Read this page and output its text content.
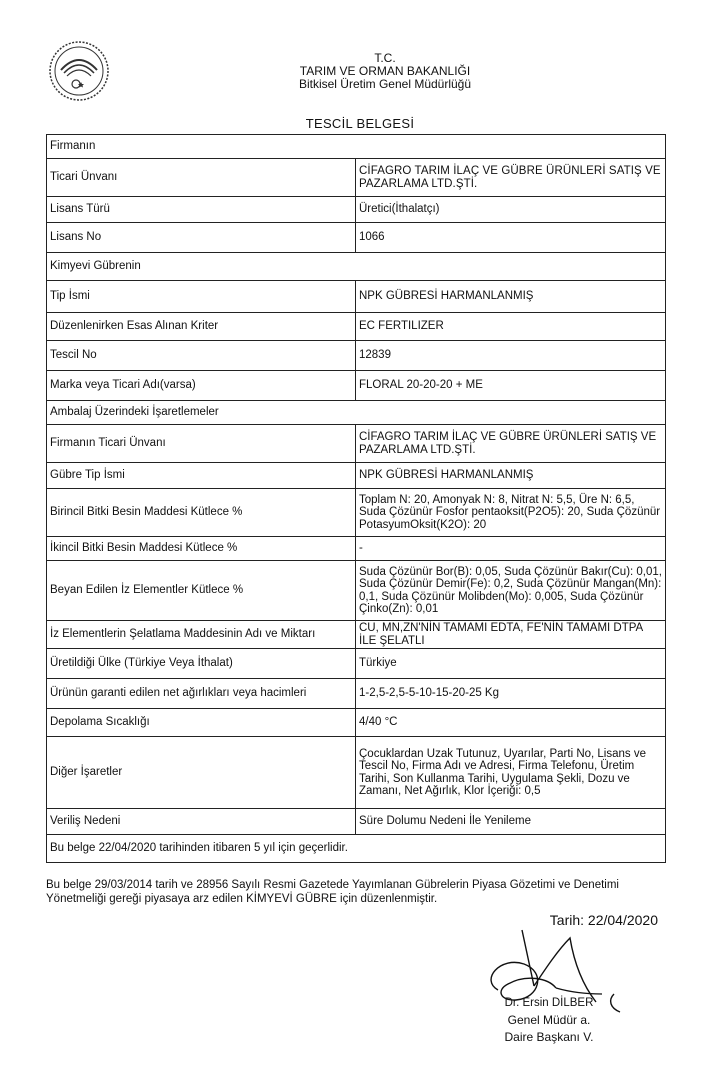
T.C.
TARIM VE ORMAN BAKANLIĞI
Bitkisel Üretim Genel Müdürlüğü
TESCİL BELGESİ
Firmanın	
Ticari Ünvanı	CİFAGRO TARIM İLAÇ VE GÜBRE ÜRÜNLERİ SATIŞ VE PAZARLAMA LTD.ŞTİ.
Lisans Türü	Üretici(İthalatçı)
Lisans No	1066
Kimyevi Gübrenin	
Tip İsmi	NPK GÜBRESİ HARMANLANMIŞ
Düzenlenirken Esas Alınan Kriter	EC FERTILIZER
Tescil No	12839
Marka veya Ticari Adı(varsa)	FLORAL 20-20-20 + ME
Ambalaj Üzerindeki İşaretlemeler	
Firmanın Ticari Ünvanı	CİFAGRO TARIM İLAÇ VE GÜBRE ÜRÜNLERİ SATIŞ VE PAZARLAMA LTD.ŞTİ.
Gübre Tip İsmi	NPK GÜBRESİ HARMANLANMIŞ
Birincil Bitki Besin Maddesi Kütlece %	Toplam N: 20, Amonyak N: 8, Nitrat N: 5,5, Üre N: 6,5, Suda Çözünür Fosfor pentaoksit(P2O5): 20, Suda Çözünür PotasyumOksit(K2O): 20
İkincil Bitki Besin Maddesi Kütlece %	-
Beyan Edilen İz Elementler Kütlece %	Suda Çözünür Bor(B): 0,05, Suda Çözünür Bakır(Cu): 0,01, Suda Çözünür Demir(Fe): 0,2, Suda Çözünür Mangan(Mn): 0,1, Suda Çözünür Molibden(Mo): 0,005, Suda Çözünür Çinko(Zn): 0,01
İz Elementlerin Şelatlama Maddesinin Adı ve Miktarı	CU, MN,ZN'NİN TAMAMI EDTA, FE'NİN TAMAMI DTPA İLE ŞELATLI
Üretildiği Ülke (Türkiye Veya İthalat)	Türkiye
Ürünün garanti edilen net ağırlıkları veya hacimleri	1-2,5-2,5-5-10-15-20-25 Kg
Depolama Sıcaklığı	4/40 °C
Diğer İşaretler	Çocuklardan Uzak Tutunuz, Uyarılar, Parti No, Lisans ve Tescil No, Firma Adı ve Adresi, Firma Telefonu, Üretim Tarihi, Son Kullanma Tarihi, Uygulama Şekli, Dozu ve Zamanı, Net Ağırlık, Klor İçeriği: 0,5
Veriliş Nedeni	Süre Dolumu Nedeni İle Yenileme
Bu belge 22/04/2020 tarihinden itibaren 5 yıl için geçerlidir.	
Bu belge 29/03/2014 tarih ve 28956 Sayılı Resmi Gazetede Yayımlanan Gübrelerin Piyasa Gözetimi ve Denetimi Yönetmeliği gereği piyasaya arz edilen KİMYEVİ GÜBRE için düzenlenmiştir.
Tarih: 22/04/2020
Dr. Ersin DİLBER
Genel Müdür a.
Daire Başkanı V.
